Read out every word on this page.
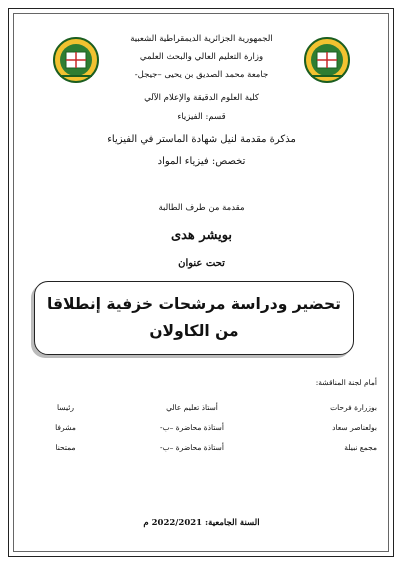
الجمهورية الجزائرية الديمقراطية الشعبية
وزارة التعليم العالي والبحث العلمي
جامعة محمد الصديق بن يحيى –جيجل-
كلية العلوم الدقيقة والإعلام الآلي
قسم: الفيزياء
مذكرة مقدمة لنيل شهادة الماستر في الفيزياء
تخصص: فيزياء المواد
مقدمة من طرف الطالبة
بويشر هدى
تحت عنوان
تحضير ودراسة مرشحات خزفية إنطلاقا من الكاولان
أمام لجنة المناقشة:
بوزرارة فرحات
أستاذ تعليم عالي
رئيسا
بولعناصر سعاد
أستاذة محاضرة –ب-
مشرفا
مجمع نبيلة
أستاذة محاضرة –ب-
ممتحنا
السنة الجامعية: 2022/2021 م
